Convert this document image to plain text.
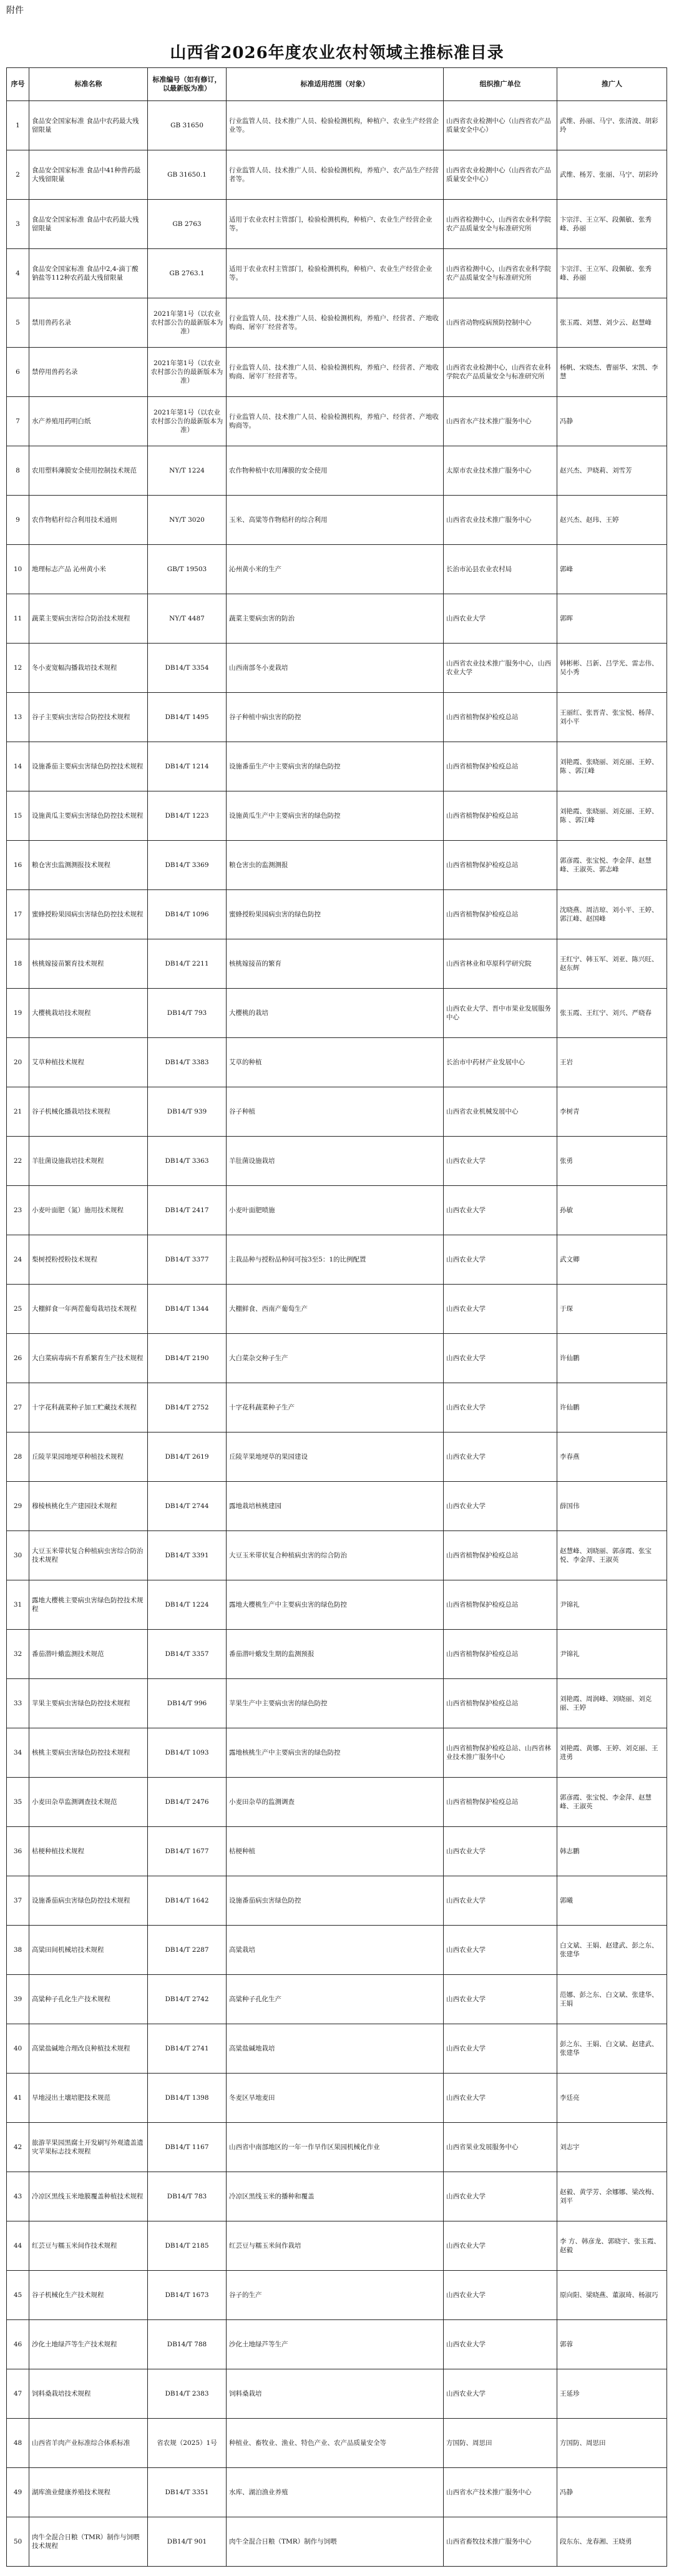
附件
山西省2026年度农业农村领域主推标准目录
序号	标准名称	标准编号（如有修订，以最新版为准）	标准适用范围（对象）	组织推广单位	推广人
1	食品安全国家标准 食品中农药最大残留限量	GB 31650	行业监管人员、技术推广人员、检验检测机构，种植户、农业生产经营企业等。	山西省农业检测中心（山西省农产品质量安全中心）	武维、孙丽、马宁、张清波、胡彩玲
2	食品安全国家标准 食品中41种兽药最大残留限量	GB 31650.1	行业监管人员、技术推广人员、检验检测机构，养殖户、农产品生产经营者等。	山西省农业检测中心（山西省农产品质量安全中心）	武维、杨芳、张丽、马宁、胡彩玲
3	食品安全国家标准 食品中农药最大残留限量	GB 2763	适用于农业农村主管部门，检验检测机构，种植户、农业生产经营企业等。	山西省检测中心，山西省农业科学院农产品质量安全与标准研究所	卞宗洋、王立军、段佩敏、张秀峰、孙丽
4	食品安全国家标准 食品中2,4-滴丁酸钠盐等112种农药最大残留限量	GB 2763.1	适用于农业农村主管部门，检验检测机构，种植户、农业生产经营企业等。	山西省检测中心，山西省农业科学院农产品质量安全与标准研究所	卞宗洋、王立军、段佩敏、张秀峰、孙丽
5	禁用兽药名录	2021年第1号（以农业农村部公告的最新版本为准）	行业监管人员、技术推广人员、检验检测机构，养殖户、经营者、产地收购商、屠宰厂经营者等。	山西省动物疫病预防控制中心	张玉霞、刘慧、刘少云、赵慧峰
6	禁停用兽药名录	2021年第1号（以农业农村部公告的最新版本为准）	行业监管人员、技术推广人员、检验检测机构，养殖户、经营者、产地收购商、屠宰厂经营者等。	山西省农业检测中心，山西省农业科学院农产品质量安全与标准研究所	杨帆、宋晓杰、曹丽华、宋凯、李慧
7	水产养殖用药明白纸	2021年第1号（以农业农村部公告的最新版本为准）	行业监管人员、技术推广人员、检验检测机构，养殖户、经营者、产地收购商等。	山西省水产技术推广服务中心	冯静
8	农用塑料薄膜安全使用控制技术规范	NY/T 1224	农作物种植中农用薄膜的安全使用	太原市农业技术推广服务中心	赵兴杰、尹晓莉、刘雪芳
9	农作物秸秆综合利用技术通则	NY/T 3020	玉米、高粱等作物秸秆的综合利用	山西省农业技术推广服务中心	赵兴杰、赵玮、王婷
10	地理标志产品 沁州黄小米	GB/T 19503	沁州黄小米的生产	长治市沁县农业农村局	郭峰
11	蔬菜主要病虫害综合防治技术规程	NY/T 4487	蔬菜主要病虫害的防治	山西农业大学	郭晖
12	冬小麦宽幅沟播栽培技术规程	DB14/T 3354	山西南部冬小麦栽培	山西省农业技术推广服务中心，山西农业大学	韩彬彬、吕新、吕学光、雷志伟、吴小秀
13	谷子主要病虫害综合防控技术规程	DB14/T 1495	谷子种植中病虫害的防控	山西省植物保护检疫总站	王丽红、张晋青、张宝悦、杨萍、刘小平
14	设施番茄主要病虫害绿色防控技术规程	DB14/T 1214	设施番茄生产中主要病虫害的绿色防控	山西省植物保护检疫总站	刘艳霞、张晓丽、刘克丽、王婷、陈 、郭江峰
15	设施黄瓜主要病虫害绿色防控技术规程	DB14/T 1223	设施黄瓜生产中主要病虫害的绿色防控	山西省植物保护检疫总站	刘艳霞、张晓丽、刘克丽、王婷、陈 、郭江峰
16	粮仓害虫监测测报技术规程	DB14/T 3369	粮仓害虫的监测测报	山西省植物保护检疫总站	郭彦霞、张宝悦、李金萍、赵慧峰、王淑英、郭志峰
17	蜜蜂授粉果园病虫害绿色防控技术规程	DB14/T 1096	蜜蜂授粉果园病虫害的绿色防控	山西省植物保护检疫总站	沈晓燕、周洁琼、刘小平、王婷、郭江峰、赵国峰
18	核桃嫁接苗繁育技术规程	DB14/T 2211	核桃嫁接苗的繁育	山西省林业和草原科学研究院	王红宁、韩玉军、刘亚、陈兴旺、赵东辉
19	大樱桃栽培技术规程	DB14/T 793	大樱桃的栽培	山西农业大学、晋中市果业发展服务中心	张玉霞、王红宁、刘兴、严晓春
20	艾草种植技术规程	DB14/T 3383	艾草的种植	长治市中药材产业发展中心	王岩
21	谷子机械化播栽培技术规程	DB14/T 939	谷子种植	山西省农业机械发展中心	李树青
22	羊肚菌设施栽培技术规程	DB14/T 3363	羊肚菌设施栽培	山西农业大学	张勇
23	小麦叶面肥（氮）施用技术规程	DB14/T 2417	小麦叶面肥喷施	山西农业大学	孙敏
24	梨树授粉授粉技术规程	DB14/T 3377	主栽品种与授粉品种间可按3至5：1的比例配置	山西农业大学	武文卿
25	大棚鲜食一年两茬葡萄栽培技术规程	DB14/T 1344	大棚鲜食、西南产葡萄生产	山西农业大学	于琛
26	大白菜病毒病不育系繁育生产技术规程	DB14/T 2190	大白菜杂交种子生产	山西农业大学	许仙鹏
27	十字花科蔬菜种子加工贮藏技术规程	DB14/T 2752	十字花科蔬菜种子生产	山西农业大学	许仙鹏
28	丘陵苹果园地埂草种植技术规程	DB14/T 2619	丘陵苹果地埂草的果园建设	山西农业大学	李春燕
29	穆棱核桃化生产建园技术规程	DB14/T 2744	露地栽培核桃建园	山西农业大学	薛国伟
30	大豆玉米带状复合种植病虫害综合防治技术规程	DB14/T 3391	大豆玉米带状复合种植病虫害的综合防治	山西省植物保护检疫总站	赵慧峰、刘晓丽、郭彦霞、张宝悦、李金萍、王淑英
31	露地大樱桃主要病虫害绿色防控技术规程	DB14/T 1224	露地大樱桃生产中主要病虫害的绿色防控	山西省植物保护检疫总站	尹锦礼
32	番茄潜叶蛾监测技术规范	DB14/T 3357	番茄潜叶蛾发生期的监测预报	山西省植物保护检疫总站	尹锦礼
33	苹果主要病虫害绿色防控技术规程	DB14/T 996	苹果生产中主要病虫害的绿色防控	山西省植物保护检疫总站	刘艳霞、周润峰、刘晓丽、刘克丽、王婷
34	核桃主要病虫害绿色防控技术规程	DB14/T 1093	露地核桃生产中主要病虫害的绿色防控	山西省植物保护检疫总站、山西省林业技术推广服务中心	刘艳霞、黄娜、王婷、刘克丽、王进勇
35	小麦田杂草监测调查技术规范	DB14/T 2476	小麦田杂草的监测调查	山西省植物保护检疫总站	郭彦霞、张宝悦、李金萍、赵慧峰、王淑英
36	枯梗种植技术规程	DB14/T 1677	枯梗种植	山西农业大学	韩志鹏
37	设施番茄病虫害绿色防控技术规程	DB14/T 1642	设施番茄病虫害绿色防控	山西农业大学	郭曦
38	高粱田间机械培技术规程	DB14/T 2287	高粱栽培	山西农业大学	白文斌、王娟、赵建武、彭之东、张建华
39	高粱种子孔化生产技术规程	DB14/T 2742	高粱种子孔化生产	山西农业大学	范娜、彭之东、白文斌、张建华、王娟
40	高粱盐碱地合理改良种植技术规程	DB14/T 2741	高粱盐碱地栽培	山西农业大学	彭之东、王娟、白文斌、赵建武、张建华
41	旱地浸出土壤培肥技术规范	DB14/T 1398	冬麦区旱地麦田	山西农业大学	李廷亮
42	旅游苹果园黑腐土开发刷写外观遗盖遗灾苹果标志技术规程	DB14/T 1167	山西省中南部地区的一年一作旱作区果园机械化作业	山西省果业发展服务中心	刘志宇
43	冷凉区黑线玉米地膜覆盖种植技术规程	DB14/T 783	冷凉区黑线玉米的播种和覆盖	山西农业大学	赵毅、黄学芳、余娜娜、梁改梅、刘平
44	红芸豆与糯玉米间作技术规程	DB14/T 2185	红芸豆与糯玉米间作栽培	山西农业大学	李 方、韩彦龙、郭晓宇、张玉霞、赵毅
45	谷子机械化生产技术规程	DB14/T 1673	谷子的生产	山西农业大学	原向阳、梁晓燕、董淑琦、杨淑巧
46	沙化土地绿芦等生产技术规程	DB14/T 788	沙化土地绿芦等生产	山西农业大学	郭蓉
47	饲料桑栽培技术规程	DB14/T 2383	饲料桑栽培	山西农业大学	王延珍
48	山西省羊肉产业标准综合体系标准	省农规（2025）1号	种植业、畜牧业、渔业、特色产业、农产品质量安全等	方国防、周思田	方国防、周思田
49	湖库渔业健康养殖技术规程	DB14/T 3351	水库、湖泊渔业养殖	山西省水产技术推广服务中心	冯静
50	肉牛全混合日粮（TMR）制作与饲喂技术规程	DB14/T 901	肉牛全混合日粮（TMR）制作与饲喂	山西省畜牧技术推广服务中心	段东东、龙春湘、王晓勇
